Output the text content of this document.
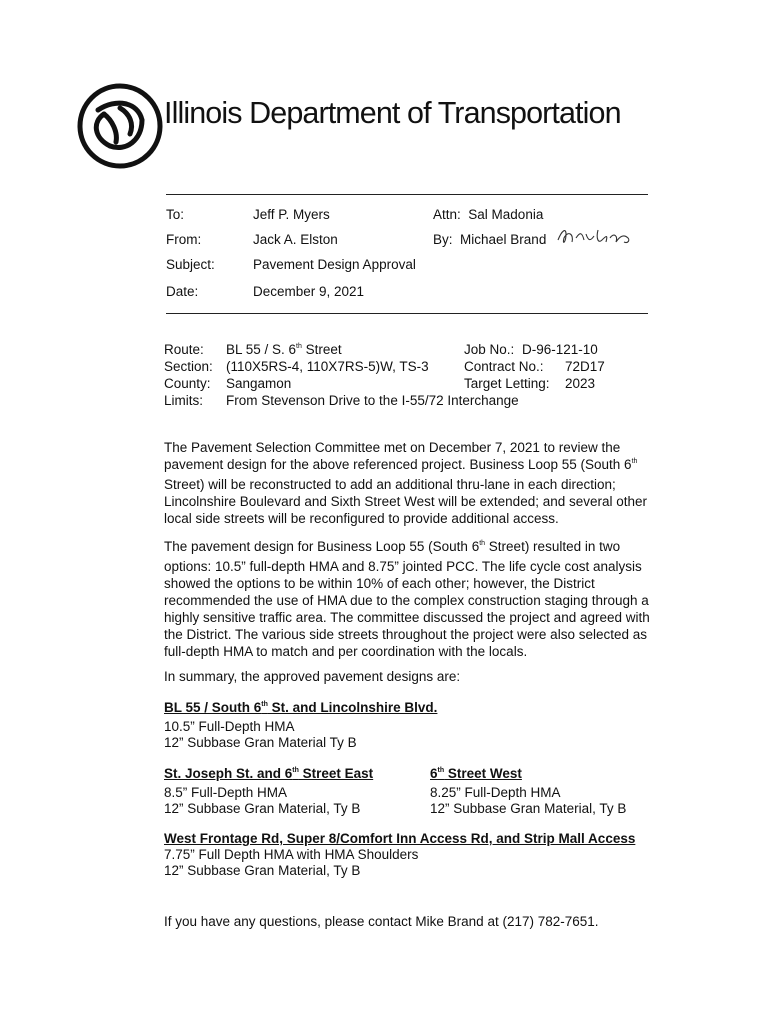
Illinois Department of Transportation
To:	Jeff P. Myers	Attn: Sal Madonia
From:	Jack A. Elston	By: Michael Brand
Subject:	Pavement Design Approval
Date:	December 9, 2021
Route: BL 55 / S. 6th Street	Job No.: D-96-121-10
Section: (110X5RS-4, 110X7RS-5)W, TS-3	Contract No.: 72D17
County: Sangamon	Target Letting: 2023
Limits: From Stevenson Drive to the I-55/72 Interchange

The Pavement Selection Committee met on December 7, 2021 to review the pavement design for the above referenced project. Business Loop 55 (South 6th Street) will be reconstructed to add an additional thru-lane in each direction; Lincolnshire Boulevard and Sixth Street West will be extended; and several other local side streets will be reconfigured to provide additional access.

The pavement design for Business Loop 55 (South 6th Street) resulted in two options: 10.5” full-depth HMA and 8.75” jointed PCC. The life cycle cost analysis showed the options to be within 10% of each other; however, the District recommended the use of HMA due to the complex construction staging through a highly sensitive traffic area. The committee discussed the project and agreed with the District. The various side streets throughout the project were also selected as full-depth HMA to match and per coordination with the locals.

In summary, the approved pavement designs are:

BL 55 / South 6th St. and Lincolnshire Blvd.
10.5” Full-Depth HMA
12” Subbase Gran Material Ty B
St. Joseph St. and 6th Street East
8.5” Full-Depth HMA
12” Subbase Gran Material, Ty B
6th Street West
8.25” Full-Depth HMA
12” Subbase Gran Material, Ty B
West Frontage Rd, Super 8/Comfort Inn Access Rd, and Strip Mall Access
7.75” Full Depth HMA with HMA Shoulders
12” Subbase Gran Material, Ty B

If you have any questions, please contact Mike Brand at (217) 782-7651.
